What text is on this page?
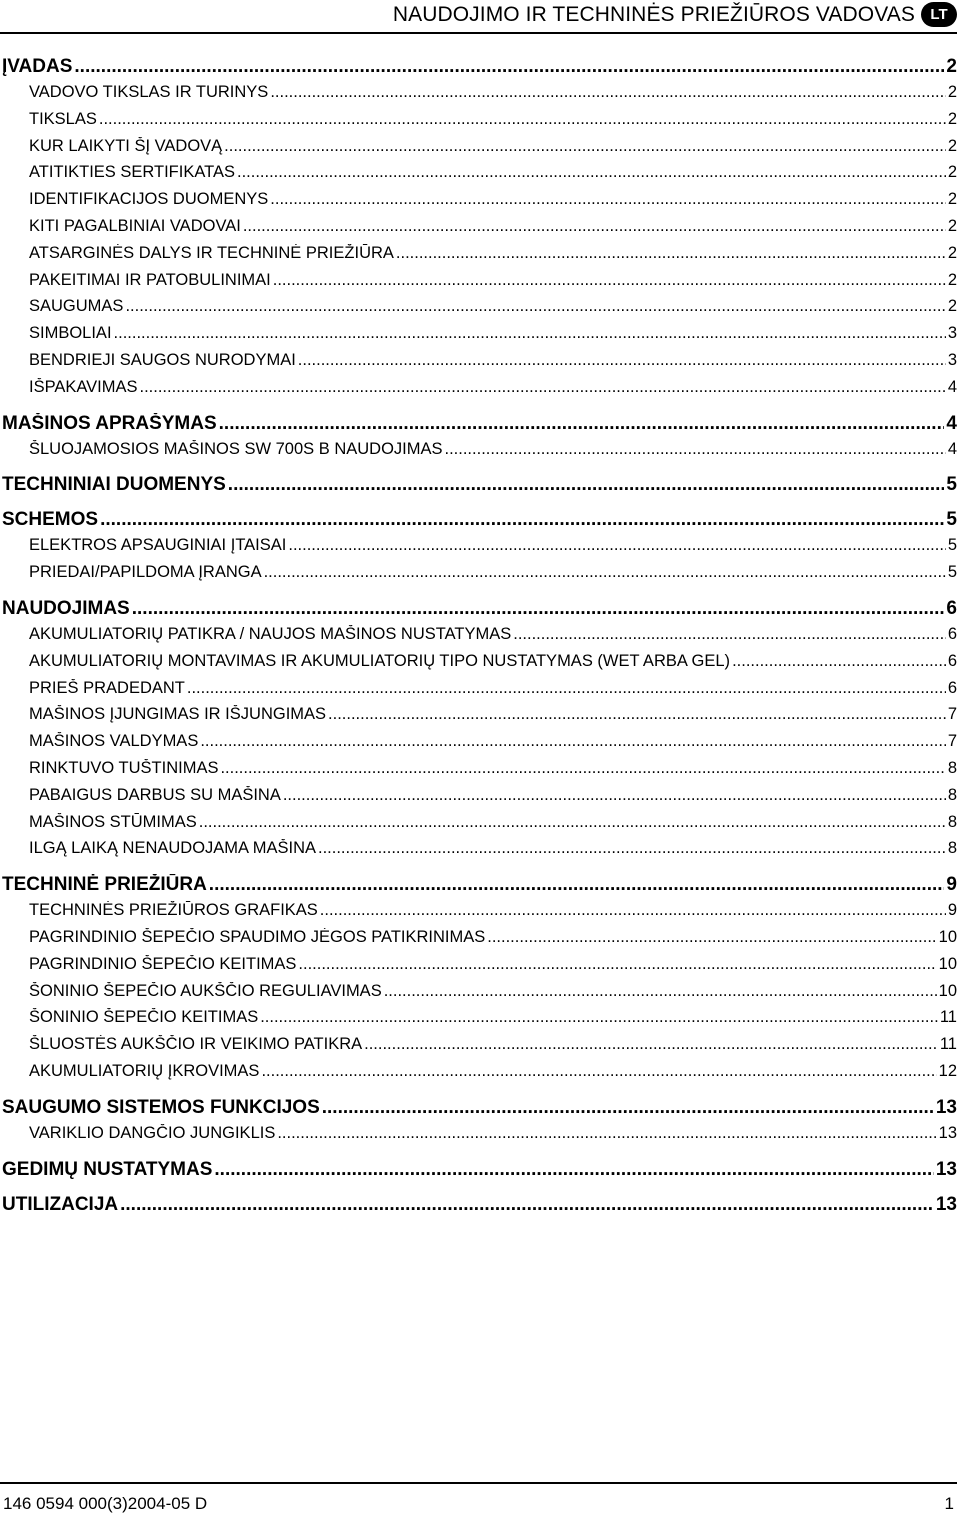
NAUDOJIMO IR TECHNINĖS PRIEŽIŪROS VADOVAS	LT
ĮVADAS .....	2
VADOVO TIKSLAS IR TURINYS .....	2
TIKSLAS .....	2
KUR LAIKYTI ŠĮ VADOVĄ .....	2
ATITIKTIES SERTIFIKATAS .....	2
IDENTIFIKACIJOS DUOMENYS .....	2
KITI PAGALBINIAI VADOVAI .....	2
ATSARGINĖS DALYS IR TECHNINĖ PRIEŽIŪRA .....	2
PAKEITIMAI IR PATOBULINIMAI .....	2
SAUGUMAS .....	2
SIMBOLIAI .....	3
BENDRIEJI SAUGOS NURODYMAI .....	3
IŠPAKAVIMAS .....	4
MAŠINOS APRAŠYMAS .....	4
ŠLUOJAMOSIOS MAŠINOS SW 700S B NAUDOJIMAS .....	4
TECHNINIAI DUOMENYS .....	5
SCHEMOS .....	5
ELEKTROS APSAUGINIAI ĮTAISAI .....	5
PRIEDAI/PAPILDOMA ĮRANGA .....	5
NAUDOJIMAS .....	6
AKUMULIATORIŲ PATIKRA / NAUJOS MAŠINOS NUSTATYMAS .....	6
AKUMULIATORIŲ MONTAVIMAS IR AKUMULIATORIŲ TIPO NUSTATYMAS (WET ARBA GEL) .....	6
PRIEŠ PRADEDANT .....	6
MAŠINOS ĮJUNGIMAS IR IŠJUNGIMAS .....	7
MAŠINOS VALDYMAS .....	7
RINKTUVO TUŠTINIMAS .....	8
PABAIGUS DARBUS SU MAŠINA .....	8
MAŠINOS STŪMIMAS .....	8
ILGĄ LAIKĄ NENAUDOJAMA MAŠINA .....	8
TECHNINĖ PRIEŽIŪRA .....	9
TECHNINĖS PRIEŽIŪROS GRAFIKAS .....	9
PAGRINDINIO ŠEPEČIO SPAUDIMO JĖGOS PATIKRINIMAS .....	10
PAGRINDINIO ŠEPEČIO KEITIMAS .....	10
ŠONINIO ŠEPEČIO AUKŠČIO REGULIAVIMAS .....	10
ŠONINIO ŠEPEČIO KEITIMAS .....	11
ŠLUOSTĖS AUKŠČIO IR VEIKIMO PATIKRA .....	11
AKUMULIATORIŲ ĮKROVIMAS .....	12
SAUGUMO SISTEMOS FUNKCIJOS .....	13
VARIKLIO DANGČIO JUNGIKLIS .....	13
GEDIMŲ NUSTATYMAS .....	13
UTILIZACIJA .....	13
146 0594 000(3)2004-05 D	1
